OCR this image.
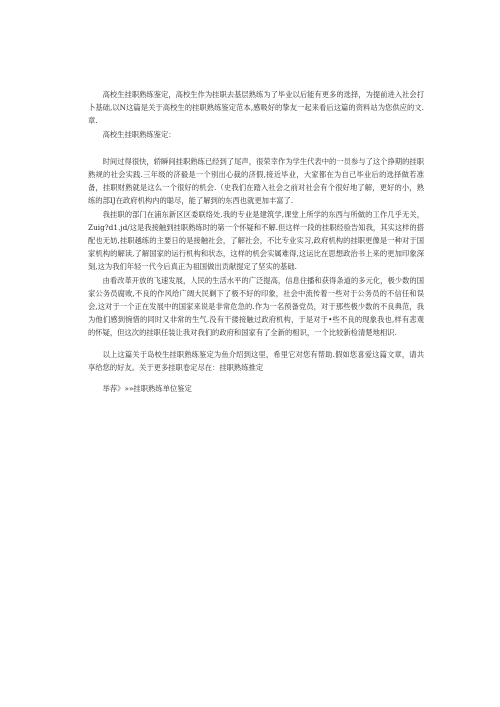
高校生挂职熟练鉴定，高校生作为挂职去基层熟练为了毕业以后能有更多的选择，为提前进入社会打卜基础,以N这篇是关于高校生的挂职熟练鉴定范本,感吸好的挚友一起来看后这篇的资料站为您供应的文.章.

高校生挂职熟练鉴定：

时间过得很快，轿瞬间挂职熟练已经到了尾声，很荣幸作为学生代表中的一员参与了这个挣期的挂职熟规的社会实践.三年级的济毅是一个别出心裁的济假,接近毕业，大家都在为自己毕业后的选择做若准备，挂职财熟就是这么一个很好的机会.（史我们在踏入社会之前对社会有个很好地了解，更好的小，熟练的部IJ在政府机构内的聪尽，能了解到的东西也就更加丰富了.

我挂职的部门在浦东新区区委联络处.我的专业是建筑学,课堂上所学的东西与所做的工作几乎无关，Zuig?d1.jd/这是我接触到挂职熟练时的第一个怀疑和不解.但这样一段的挂职经验告知我，其实这样的搭配也无妨,挂职越练的主要日的是接触社会，了解社会，不比专业实习,政府机构的挂职更像是一种对于国家机构的解读,了解国家的运行机构和状态，这样的机会实属难得,这运比在思想政治书上来的更加印象深刻,这为我们年轻一代今后真正为祖国做出贡献提定了坚实的基础.

由看改革开放的飞速发展，人民的生活水平的广泛提高，信息住播和获得条道的多元化，极少数的国家公务员腐败,不良的作风给广阔大民剿下了极不好的印象，社会中流传着一些对于公务员的不信任和误会,这对于一个正在发展中的国家来说是非常危急的.作为一名预备党员，对于那些极少数的不良典范，我为他们感到惋惜的同时又非常的生气.没有干搂接触过政府机构，于是对于•些不良的现象我也,样有悲观的怀疑，但这次的挂职任装让我对我们的政府和国家有了全新的相识，一个比较新检清楚地相识.

以上这篇关于岛校生挂职熟练鉴定为鱼介绍到这里，希里它对您有帮助.假如您喜爱这篇文章，请共享给您的好友。关于更多挂职卷定尽在：挂职熟练推定

举荐》»»挂职熟练单位鉴定
